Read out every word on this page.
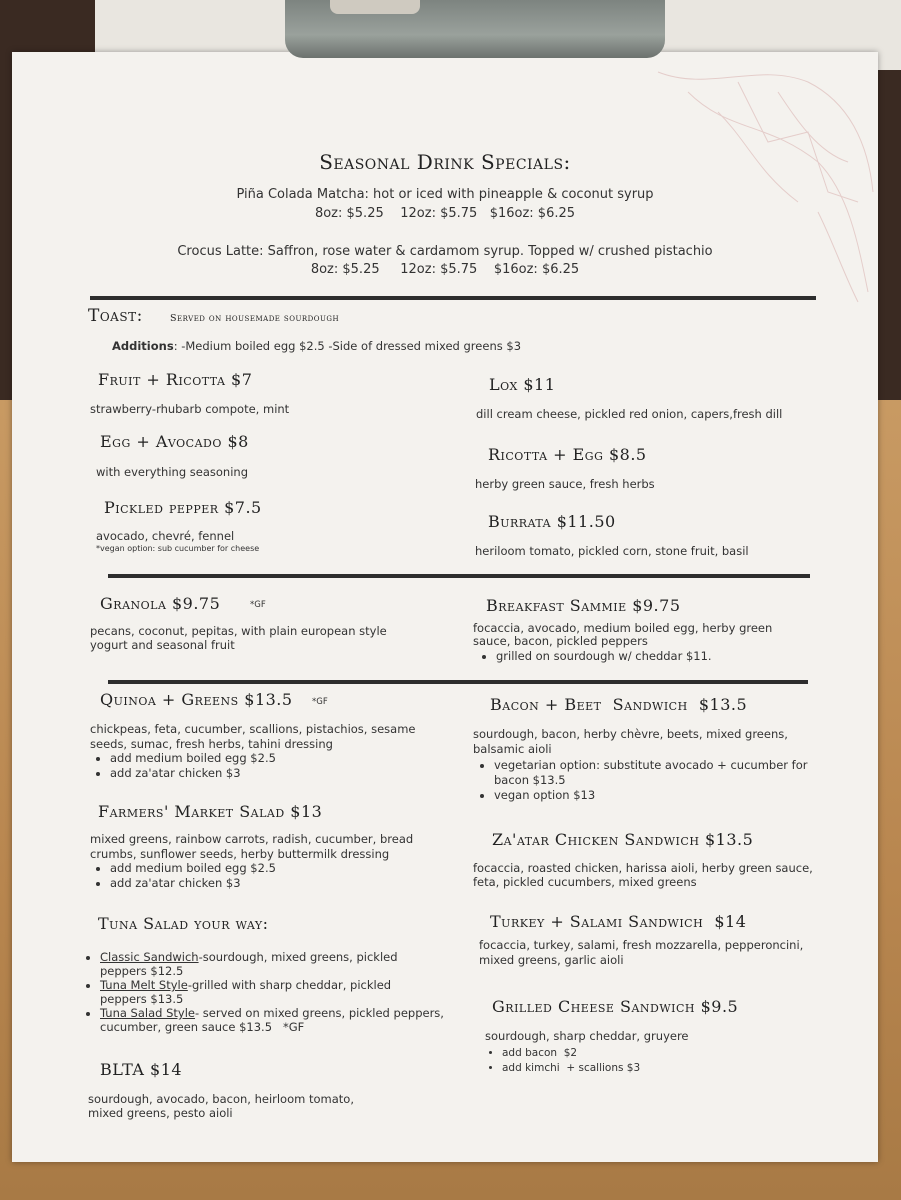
Seasonal Drink Specials:
Piña Colada Matcha: hot or iced with pineapple & coconut syrup
8oz: $5.25    12oz: $5.75   $16oz: $6.25
Crocus Latte: Saffron, rose water & cardamom syrup. Topped w/ crushed pistachio
8oz: $5.25     12oz: $5.75    $16oz: $6.25
Toast:	Served on housemade sourdough
Additions: -Medium boiled egg $2.5 -Side of dressed mixed greens $3
Fruit + Ricotta $7
strawberry-rhubarb compote, mint
Lox $11
dill cream cheese, pickled red onion, capers,fresh dill
Egg + Avocado $8
with everything seasoning
Ricotta + Egg $8.5
herby green sauce, fresh herbs
Pickled pepper $7.5
avocado, chevré, fennel
*vegan option: sub cucumber for cheese
Burrata $11.50
heriloom tomato, pickled corn, stone fruit, basil
Granola $9.75	*GF
pecans, coconut, pepitas, with plain european style
yogurt and seasonal fruit
Breakfast Sammie $9.75
focaccia, avocado, medium boiled egg, herby green
sauce, bacon, pickled peppers
• grilled on sourdough w/ cheddar $11.
Quinoa + Greens $13.5 *GF
chickpeas, feta, cucumber, scallions, pistachios, sesame
seeds, sumac, fresh herbs, tahini dressing
• add medium boiled egg $2.5
• add za'atar chicken $3
Farmers' Market Salad $13
mixed greens, rainbow carrots, radish, cucumber, bread
crumbs, sunflower seeds, herby buttermilk dressing
• add medium boiled egg $2.5
• add za'atar chicken $3
Tuna Salad your way:
• Classic Sandwich-sourdough, mixed greens, pickled
peppers $12.5
• Tuna Melt Style-grilled with sharp cheddar, pickled
peppers $13.5
• Tuna Salad Style- served on mixed greens, pickled peppers,
cucumber, green sauce $13.5   *GF
BLTA $14
sourdough, avocado, bacon, heirloom tomato,
mixed greens, pesto aioli
Bacon + Beet  Sandwich  $13.5
sourdough, bacon, herby chèvre, beets, mixed greens,
balsamic aioli
• vegetarian option: substitute avocado + cucumber for
bacon $13.5
• vegan option $13
Za'atar Chicken Sandwich $13.5
focaccia, roasted chicken, harissa aioli, herby green sauce,
feta, pickled cucumbers, mixed greens
Turkey + Salami Sandwich  $14
focaccia, turkey, salami, fresh mozzarella, pepperoncini,
mixed greens, garlic aioli
Grilled Cheese Sandwich $9.5
sourdough, sharp cheddar, gruyere
• add bacon  $2
• add kimchi  + scallions $3
